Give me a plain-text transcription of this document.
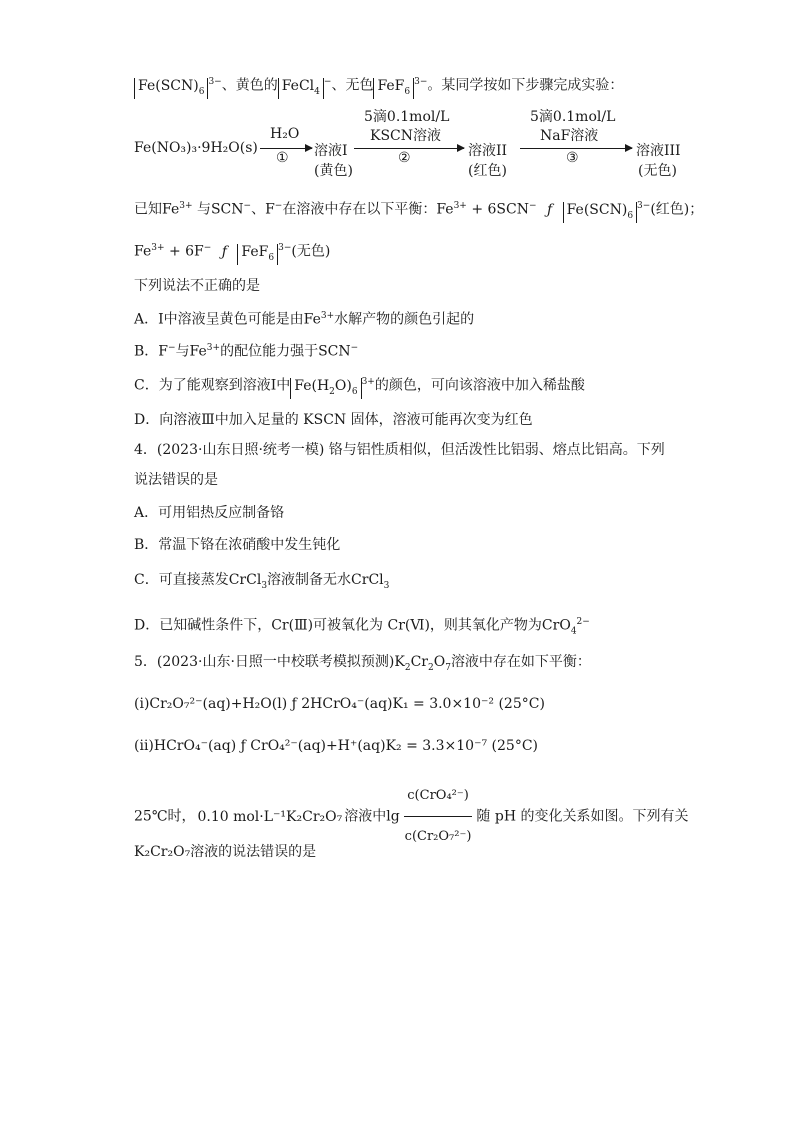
$Fe(SCN)_6^{3-}$、黄色的 FeCl$_4$−、无色 FeF$_6^{3-}$。某同学按如下步骤完成实验：
Fe(NO₃)₃·9H₂O(s)
H₂O
① 溶液I
(黄色)
5滴0.1mol/L
KSCN溶液
②	溶液II
(红色)
5滴0.1mol/L
NaF溶液
③	溶液III
(无色)
已知$Fe^{3+}$ 与SCN−、F−在溶液中存在以下平衡：$Fe^{3+} + 6SCN^-$ ƒ $Fe(SCN)_6^{3-}$(红色)；
$Fe^{3+} + 6F^-$ ƒ FeF$_6^{3-}$(无色)
下列说法不正确的是
A．Ⅰ中溶液呈黄色可能是由$Fe^{3+}$水解产物的颜色引起的
B．F−与$Fe^{3+}$的配位能力强于SCN−
C．为了能观察到溶液Ⅰ中 $Fe(H_2O)_6^{3+}$的颜色，可向该溶液中加入稀盐酸
D．向溶液Ⅲ中加入足量的 KSCN 固体，溶液可能再次变为红色
4．(2023·山东日照·统考一模) 铬与铝性质相似，但活泼性比铝弱、熔点比铝高。下列
说法错误的是
A．可用铝热反应制备铬
B．常温下铬在浓硝酸中发生钝化
C．可直接蒸发CrCl$_3$溶液制备无水CrCl$_3$
D．已知碱性条件下，Cr(Ⅲ)可被氧化为 Cr(Ⅵ)，则其氧化产物为CrO$_4^{2-}$
5．(2023·山东·日照一中校联考模拟预测)$K_2Cr_2O_7$溶液中存在如下平衡：
(ⅰ)Cr₂O₇²⁻(aq)+H₂O(l) ƒ 2HCrO₄⁻(aq)K₁ = 3.0×10⁻² (25°C)
(ⅱ)HCrO₄⁻(aq) ƒ CrO₄²⁻(aq)+H⁺(aq)K₂ = 3.3×10⁻⁷ (25°C)
25℃时， 0.10 mol·L⁻¹K₂Cr₂O₇ 溶液中$\lg \frac{\text{c(CrO₄²⁻)}}{\text{c(Cr₂O₇²⁻)}}$ 随 pH 的变化关系如图。下列有关
K₂Cr₂O₇溶液的说法错误的是
